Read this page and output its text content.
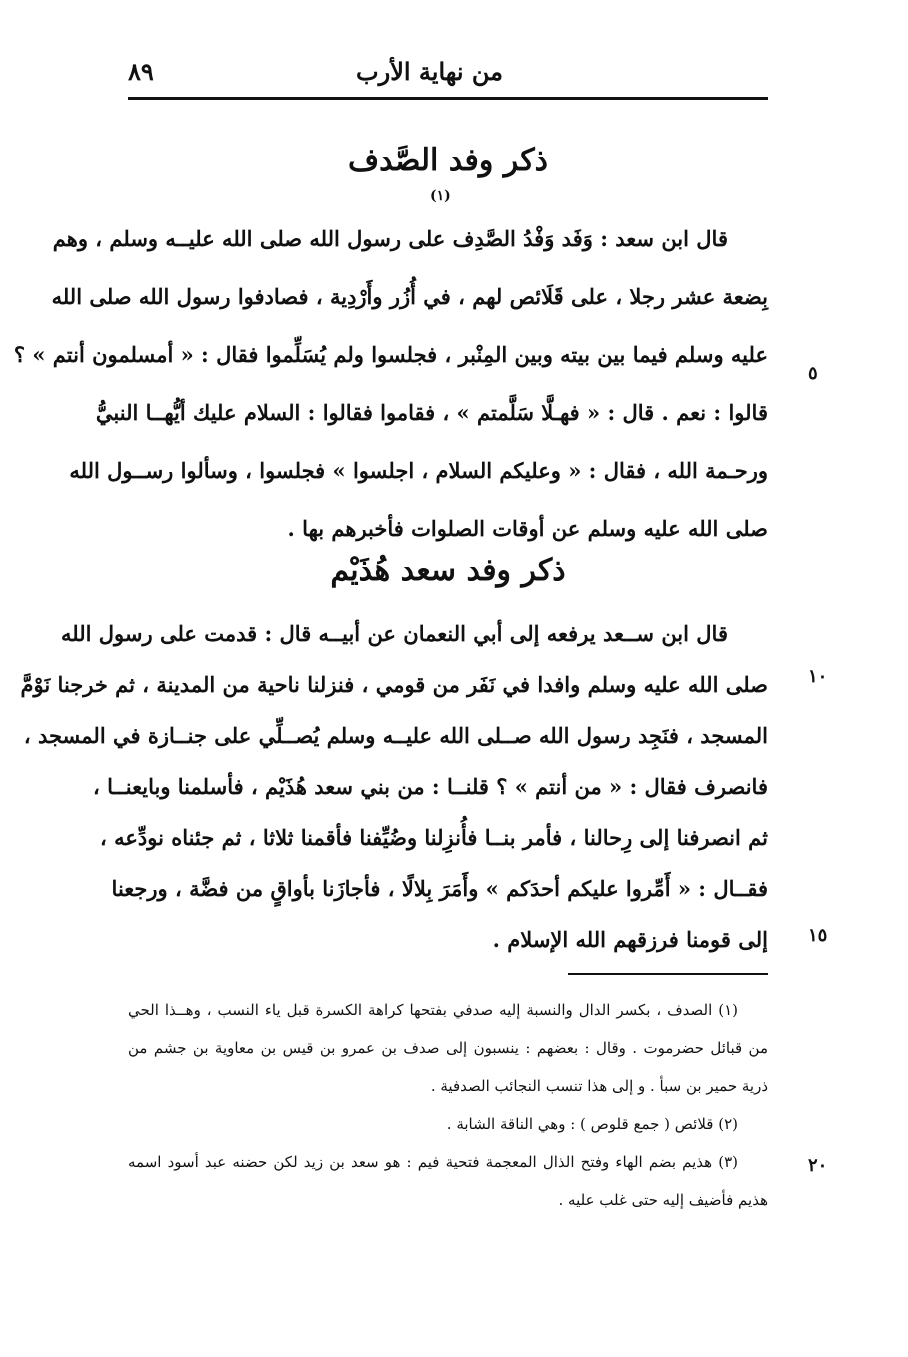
من نهاية الأرب
٨٩
ذكر وفد الصَّدف
(١)
قال ابن سعد : وَفَد وَفْدُ الصَّدِف على رسول الله صلى الله عليــه وسلم ، وهم
بِضعة عشر رجلا ، على قَلَائص لهم ، في أُزُر وأَرْدِية ، فصادفوا رسول الله صلى الله
عليه وسلم فيما بين بيته وبين المِنْبر ، فجلسوا ولم يُسَلِّموا فقال : « أمسلمون أنتم » ؟
قالوا : نعم . قال : « فهـلَّا سَلَّمتم » ، فقاموا فقالوا : السلام عليك أيُّهــا النبيُّ
ورحـمة الله ، فقال : « وعليكم السلام ، اجلسوا » فجلسوا ، وسألوا رســول الله
صلى الله عليه وسلم عن أوقات الصلوات فأخبرهم بها .
ذكر وفد سعد هُذَيْم
قال ابن ســعد يرفعه إلى أبي النعمان عن أبيــه قال : قدمت على رسول الله
صلى الله عليه وسلم وافدا في نَفَر من قومي ، فنزلنا ناحية من المدينة ، ثم خرجنا نَوْمَّ
المسجد ، فنَجِد رسول الله صــلى الله عليــه وسلم يُصــلِّي على جنــازة في المسجد ،
فانصرف فقال : « من أنتم » ؟ قلنــا : من بني سعد هُذَيْم ، فأسلمنا وبايعنــا ،
ثم انصرفنا إلى رِحالنا ، فأمر بنــا فأُنزِلنا وضُيِّفنا فأقمنا ثلاثا ، ثم جئناه نودِّعه ،
فقــال : « أَمِّروا عليكم أحدَكم » وأَمَرَ بِلالًا ، فأجازَنا بأواقٍ من فضَّة ، ورجعنا
إلى قومنا فرزقهم الله الإسلام .
٥
١٠
١٥
٢٠
(١) الصدف ، بكسر الدال والنسبة إليه صدفي بفتحها كراهة الكسرة قبل ياء النسب ، وهــذا الحي
من قبائل حضرموت . وقال : بعضهم : ينسبون إلى صدف بن عمرو بن قيس بن معاوية بن جشم من
ذرية حمير بن سبأ . و إلى هذا تنسب النجائب الصدفية .
(٢) قلائص ( جمع قلوص ) : وهي الناقة الشابة .
(٣) هذيم بضم الهاء وفتح الذال المعجمة فتحية فيم : هو سعد بن زيد لكن حضنه عبد أسود اسمه
هذيم فأضيف إليه حتى غلب عليه .
